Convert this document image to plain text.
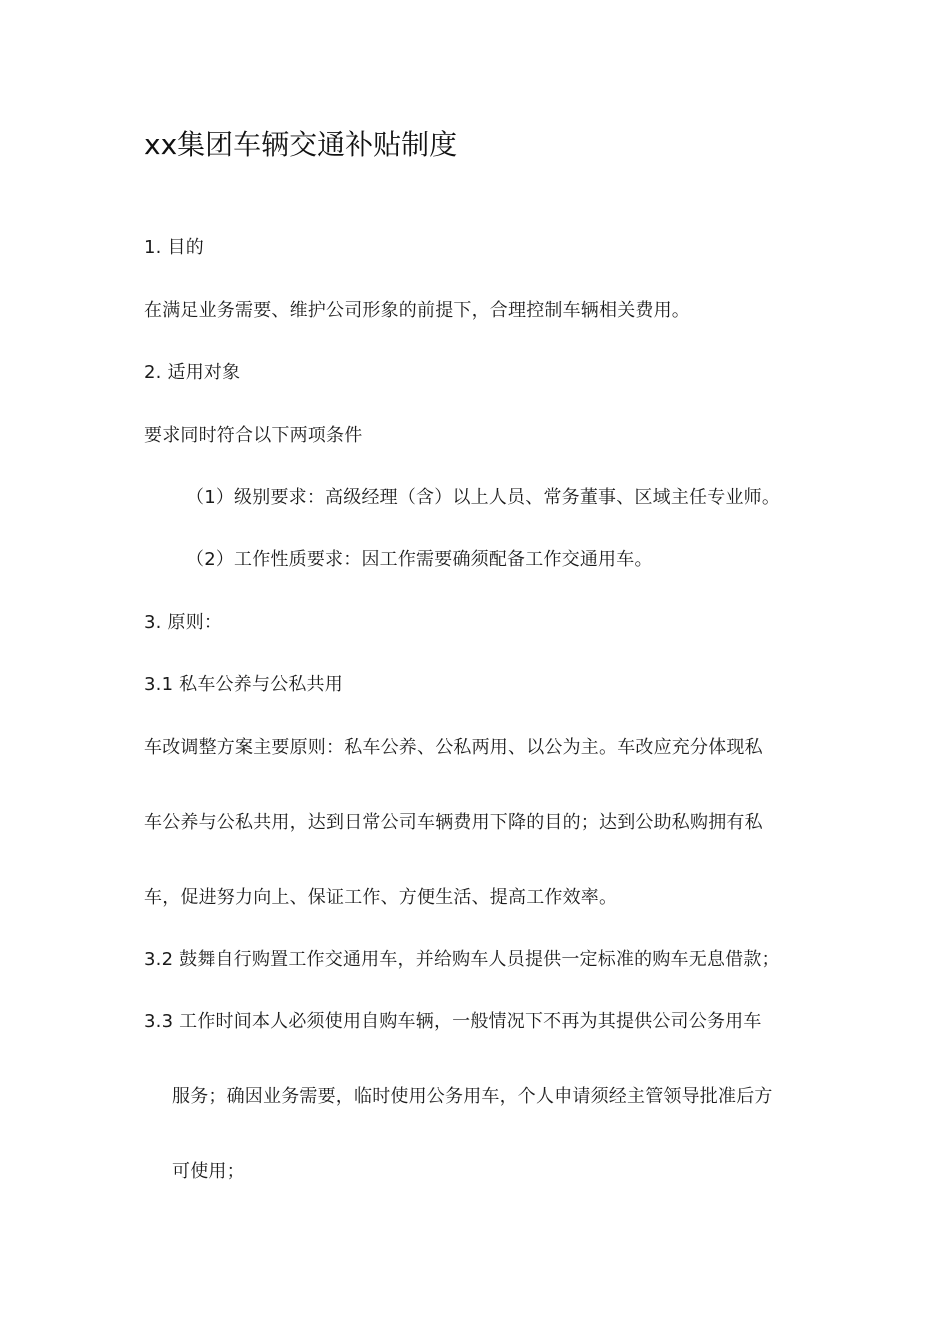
xx集团车辆交通补贴制度
1. 目的
在满足业务需要、维护公司形象的前提下，合理控制车辆相关费用。
2. 适用对象
要求同时符合以下两项条件
（1）级别要求：高级经理（含）以上人员、常务董事、区域主任专业师。
（2）工作性质要求：因工作需要确须配备工作交通用车。
3. 原则：
3.1 私车公养与公私共用
车改调整方案主要原则：私车公养、公私两用、以公为主。车改应充分体现私
车公养与公私共用，达到日常公司车辆费用下降的目的；达到公助私购拥有私
车，促进努力向上、保证工作、方便生活、提高工作效率。
3.2 鼓舞自行购置工作交通用车，并给购车人员提供一定标准的购车无息借款；
3.3 工作时间本人必须使用自购车辆，一般情况下不再为其提供公司公务用车
服务；确因业务需要，临时使用公务用车，个人申请须经主管领导批准后方
可使用；
